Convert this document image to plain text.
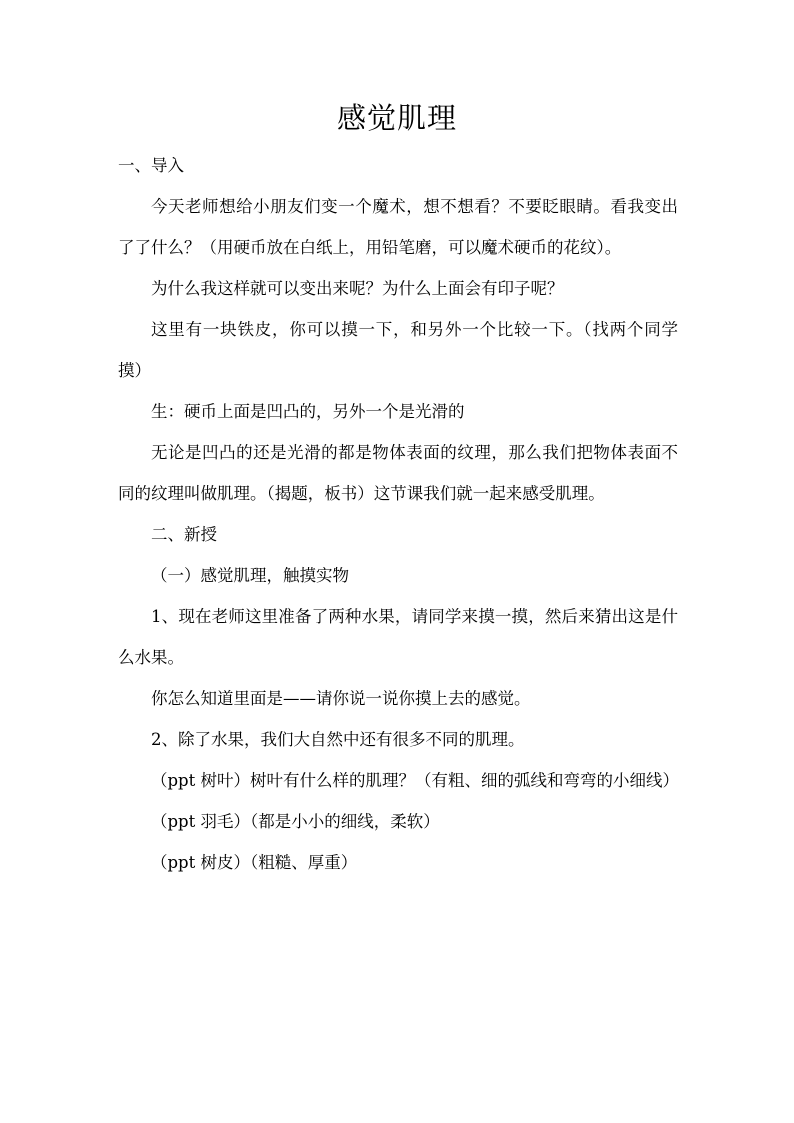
感觉肌理

一、导入

今天老师想给小朋友们变一个魔术，想不想看？不要眨眼睛。看我变出了了什么？（用硬币放在白纸上，用铅笔磨，可以魔术硬币的花纹）。

为什么我这样就可以变出来呢？为什么上面会有印子呢？

这里有一块铁皮，你可以摸一下，和另外一个比较一下。（找两个同学摸）

生：硬币上面是凹凸的，另外一个是光滑的

无论是凹凸的还是光滑的都是物体表面的纹理，那么我们把物体表面不同的纹理叫做肌理。（揭题，板书）这节课我们就一起来感受肌理。

二、新授

（一）感觉肌理，触摸实物

1、现在老师这里准备了两种水果，请同学来摸一摸，然后来猜出这是什么水果。

你怎么知道里面是——请你说一说你摸上去的感觉。

2、除了水果，我们大自然中还有很多不同的肌理。

（ppt 树叶）树叶有什么样的肌理？（有粗、细的弧线和弯弯的小细线）

（ppt 羽毛）（都是小小的细线，柔软）

（ppt 树皮）（粗糙、厚重）
